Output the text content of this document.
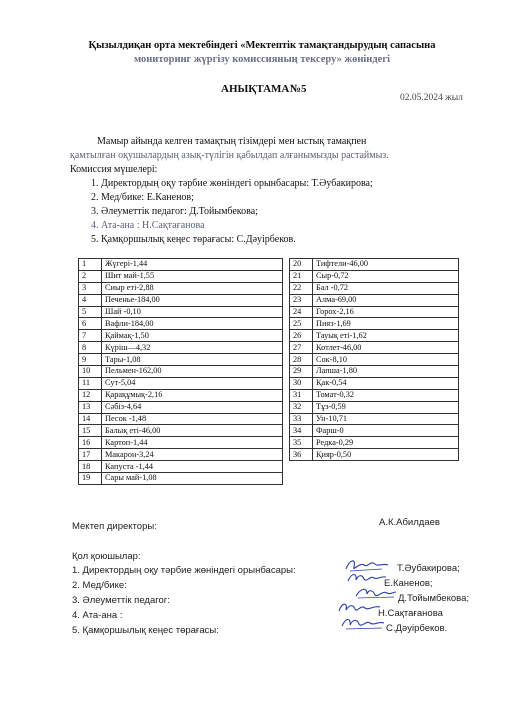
Қызылдиқан орта мектебіндегі «Мектептік тамақтандырудың сапасына
мониторинг жүргізу комиссияның тексеру» жөніндегі
АНЫҚТАМА №5
02.05.2024 жыл
Мамыр айында келген тамақтың тізімдері мен ыстық тамақпен
қамтылған оқушылардың азық-түлігін қабылдап алғанымызды растаймыз.
Комиссия мүшелері:
1. Директордың оқу тәрбие жөніндегі орынбасары: Т.Әубакирова;
2. Мед/бике: Е.Каненов;
3. Әлеуметтік педагог: Д.Тойымбекова;
4. Ата-ана : Н.Сақтағанова
5. Қамқоршылық кеңес төрағасы: С.Дәуірбеков.
1	Жүгері-1,44
2	Шит май-1,55
3	Сиыр еті-2,88
4	Печенье-184,00
5	Шай -0,10
6	Вафли-184,00
7	Қаймақ-1,50
8	Күріш—4,32
9	Тары-1,08
10	Пельмен-162,00
11	Сут-5,04
12	Қарақұмық-2,16
13	Сәбіз-4,64
14	Песок -1,48
15	Балық еті-46,00
16	Картоп-1,44
17	Макарон-3,24
18	Капуста -1,44
19	Сары май-1,08
20	Тифтели-46,00
21	Сыр-0,72
22	Бал -0,72
23	Алма-69,00
24	Горох-2,16
25	Пияз-1,69
26	Тауық еті-1,62
27	Котлет-46,00
28	Сок-8,10
29	Лапша-1,80
30	Қак-0,54
31	Томат-0,32
32	Тұз-0,59
33	Ун-10,71
34	Фарш-0
35	Редка-0,29
36	Қияр-0,50
Мектеп директоры:	А.К.Абилдаев
Қол қоюшылар:
1. Директордың оқу тәрбие жөніндегі орынбасары:	Т.Әубакирова;
2. Мед/бике:	Е.Каненов;
3. Әлеуметтік педагог:	Д.Тойымбекова;
4. Ата-ана :	Н.Сақтағанова
5. Қамқоршылық кеңес төрағасы:	С.Дәуірбеков.
